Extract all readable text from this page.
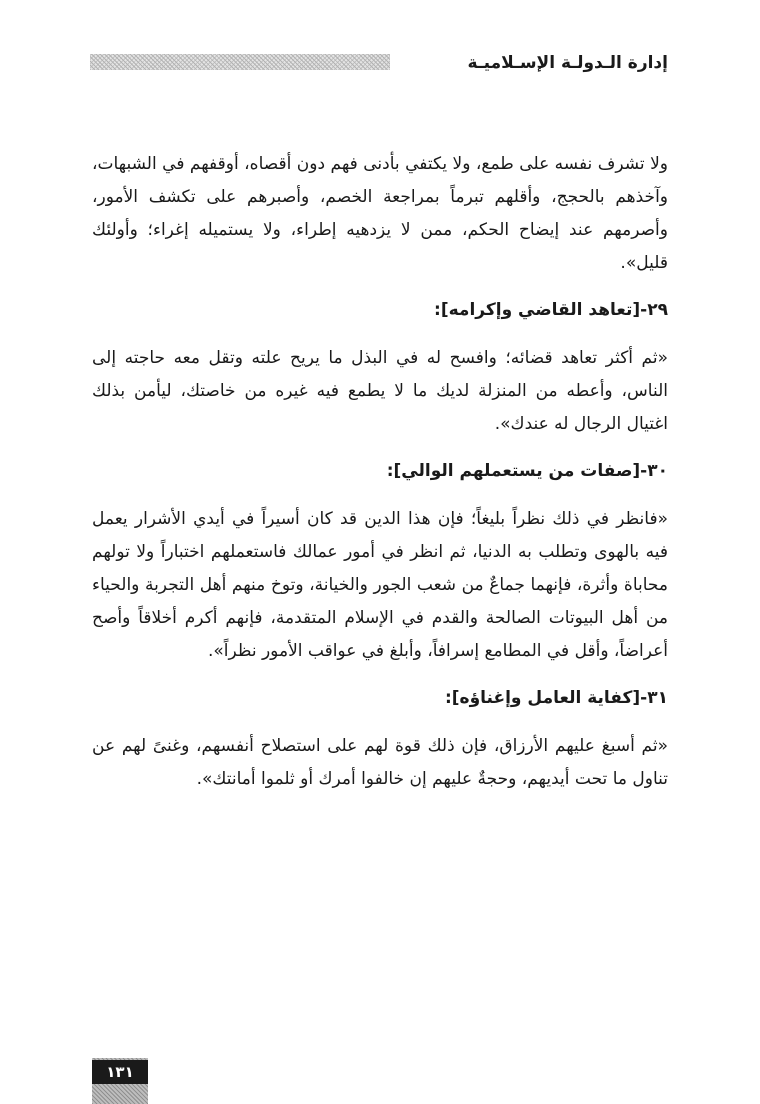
إدارة الـدولـة الإسـلاميـة

ولا تشرف نفسه على طمع، ولا يكتفي بأدنى فهم دون أقصاه، أوقفهم في الشبهات، وآخذهم بالحجج، وأقلهم تبرماً بمراجعة الخصم، وأصبرهم على تكشف الأمور، وأصرمهم عند إيضاح الحكم، ممن لا يزدهيه إطراء، ولا يستميله إغراء؛ وأولئك قليل».

٢٩-[تعاهد القاضي وإكرامه]:

«ثم أكثر تعاهد قضائه؛ وافسح له في البذل ما يريح علته وتقل معه حاجته إلى الناس، وأعطه من المنزلة لديك ما لا يطمع فيه غيره من خاصتك، ليأمن بذلك اغتيال الرجال له عندك».

٣٠-[صفات من يستعملهم الوالي]:

«فانظر في ذلك نظراً بليغاً؛ فإن هذا الدين قد كان أسيراً في أيدي الأشرار يعمل فيه بالهوى وتطلب به الدنيا، ثم انظر في أمور عمالك فاستعملهم اختباراً ولا تولهم محاباة وأثرة، فإنهما جماعٌ من شعب الجور والخيانة، وتوخ منهم أهل التجربة والحياء من أهل البيوتات الصالحة والقدم في الإسلام المتقدمة، فإنهم أكرم أخلاقاً وأصح أعراضاً، وأقل في المطامع إسرافاً، وأبلغ في عواقب الأمور نظراً».

٣١-[كفاية العامل وإغناؤه]:

«ثم أسبغ عليهم الأرزاق، فإن ذلك قوة لهم على استصلاح أنفسهم، وغنىً لهم عن تناول ما تحت أيديهم، وحجةٌ عليهم إن خالفوا أمرك أو ثلموا أمانتك».

١٣١
